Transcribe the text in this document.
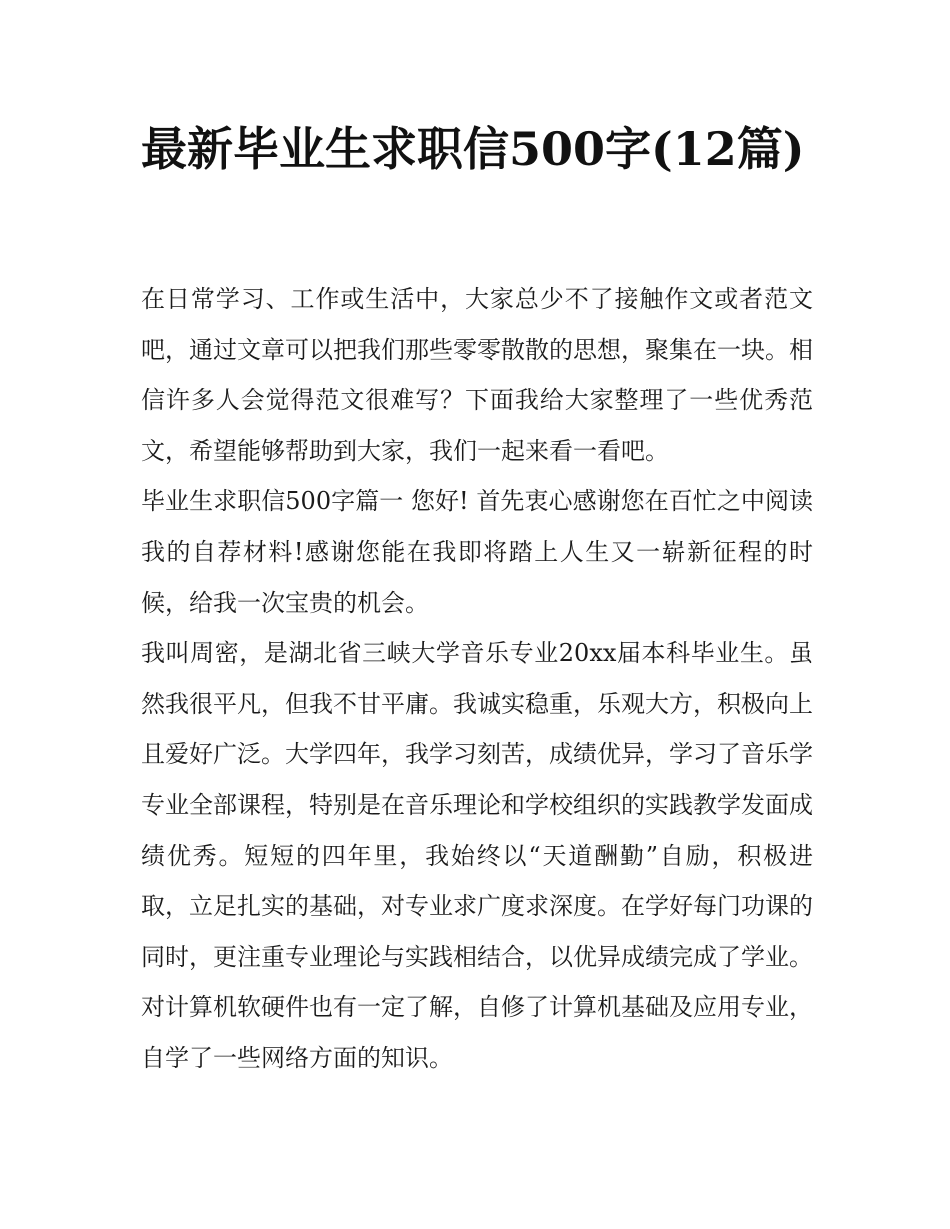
最新毕业生求职信500字(12篇)

在日常学习、工作或生活中，大家总少不了接触作文或者范文吧，通过文章可以把我们那些零零散散的思想，聚集在一块。相信许多人会觉得范文很难写？下面我给大家整理了一些优秀范文，希望能够帮助到大家，我们一起来看一看吧。

毕业生求职信500字篇一 您好! 首先衷心感谢您在百忙之中阅读我的自荐材料!感谢您能在我即将踏上人生又一崭新征程的时候，给我一次宝贵的机会。

我叫周密，是湖北省三峡大学音乐专业20xx届本科毕业生。虽然我很平凡，但我不甘平庸。我诚实稳重，乐观大方，积极向上且爱好广泛。大学四年，我学习刻苦，成绩优异，学习了音乐学专业全部课程，特别是在音乐理论和学校组织的实践教学发面成绩优秀。短短的四年里，我始终以“天道酬勤”自励，积极进取，立足扎实的基础，对专业求广度求深度。在学好每门功课的同时，更注重专业理论与实践相结合，以优异成绩完成了学业。对计算机软硬件也有一定了解，自修了计算机基础及应用专业，自学了一些网络方面的知识。
